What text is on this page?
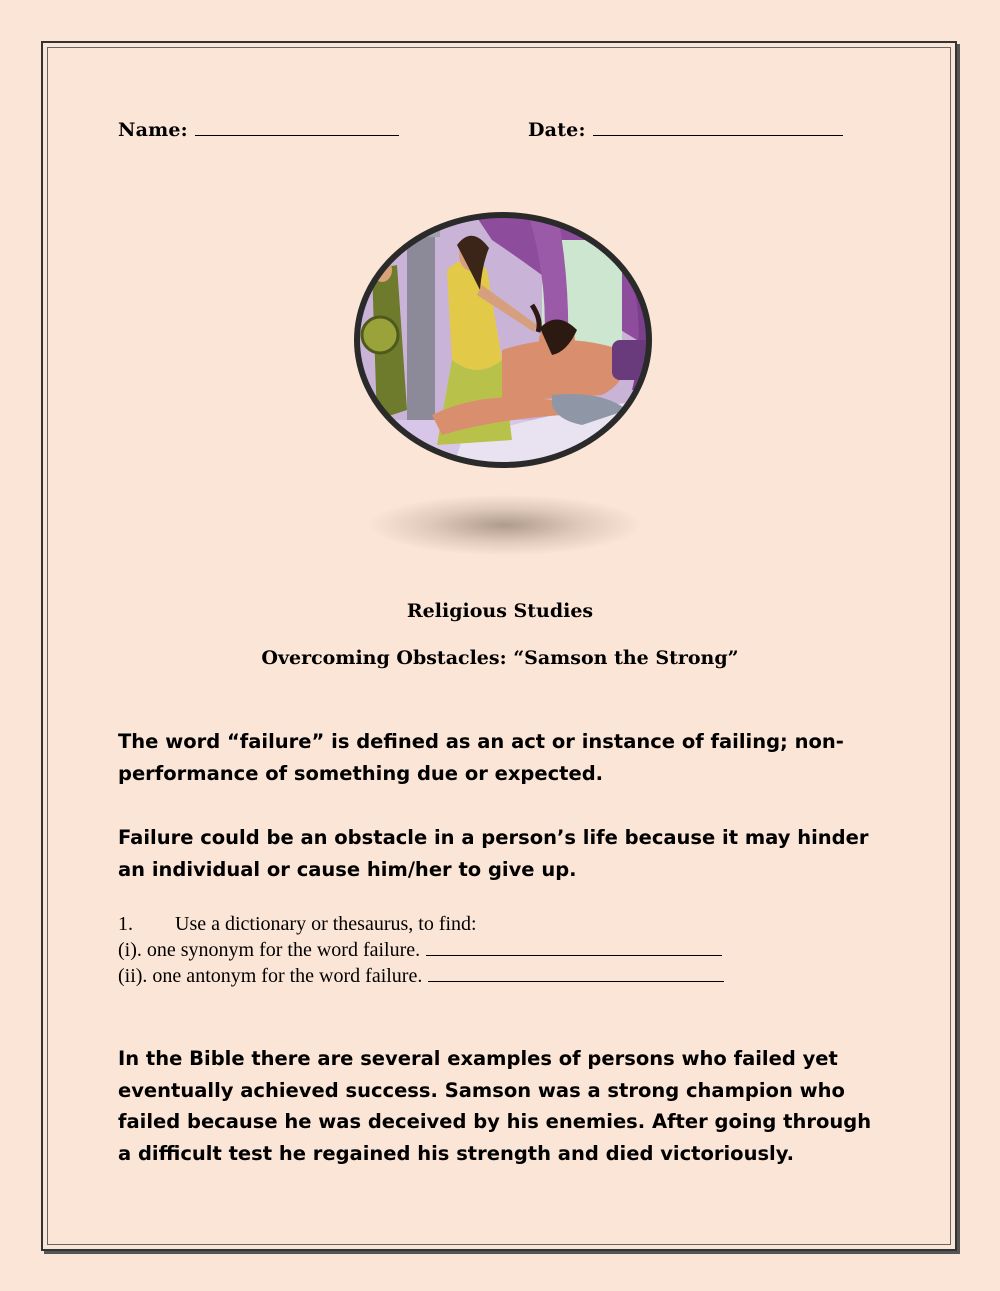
Name:	Date:
Religious Studies
Overcoming Obstacles: “Samson the Strong”
The word “failure” is defined as an act or instance of failing; non-performance of something due or expected.
Failure could be an obstacle in a person’s life because it may hinder an individual or cause him/her to give up.
1. Use a dictionary or thesaurus, to find:
(i). one synonym for the word failure.
(ii). one antonym for the word failure.
In the Bible there are several examples of persons who failed yet eventually achieved success. Samson was a strong champion who failed because he was deceived by his enemies. After going through a difficult test he regained his strength and died victoriously.
